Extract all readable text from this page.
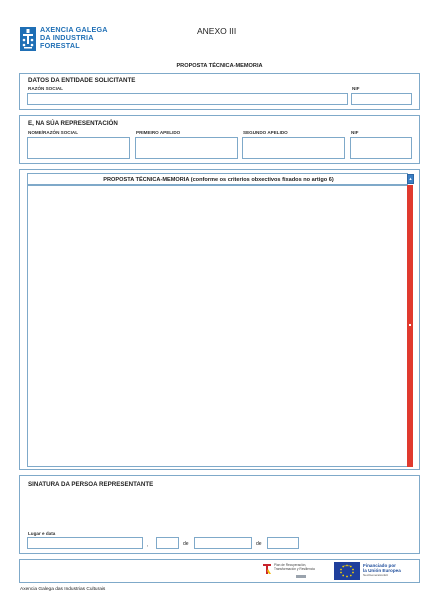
AXENCIA GALEGA
DA INDUSTRIA
FORESTAL
ANEXO III
PROPOSTA TÉCNICA-MEMORIA
DATOS DA ENTIDADE SOLICITANTE
RAZÓN SOCIAL	NIF
E, NA SÚA REPRESENTACIÓN
NOME/RAZÓN SOCIAL	PRIMEIRO APELIDO	SEGUNDO APELIDO	NIF
PROPOSTA TÉCNICA-MEMORIA (conforme os criterios obxectivos fixados no artigo 6)	▲
SINATURA DA PERSOA REPRESENTANTE
Lugar e data
,	de	de
Plan de Recuperación,
Transformación y Resiliencia
Financiado por
la Unión Europea
NextGenerationEU
Axencia Galega das Industrias Culturais
